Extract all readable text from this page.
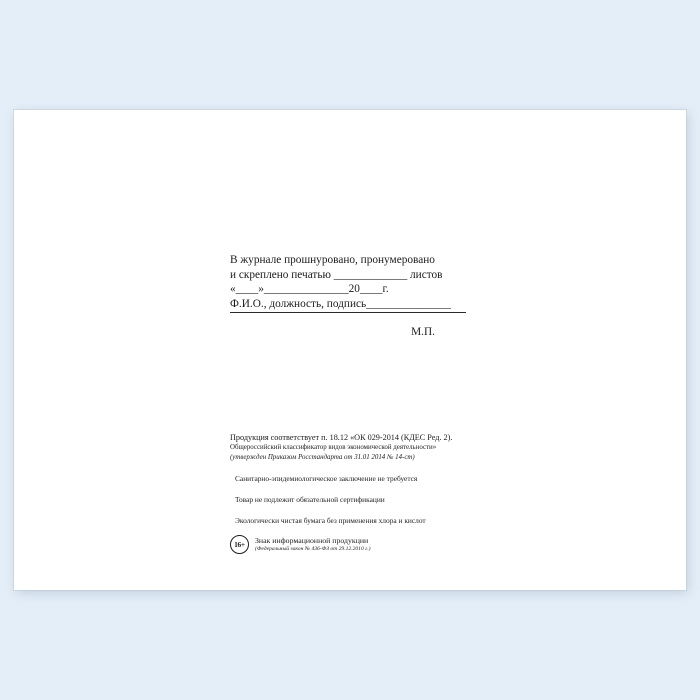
В журнале прошнуровано, пронумеровано
и скреплено печатью _____________ листов
«____»_______________20____г.
Ф.И.О., должность, подпись_______________
М.П.
Продукция соответствует п. 18.12 «ОК 029-2014 (КДЕС Ред. 2).
Общероссийский классификатор видов экономической деятельности»
(утвержден Приказом Росстандарта от 31.01 2014 № 14-ст)
Санитарно-эпидемиологическое заключение не требуется
Товар не подлежит обязательной сертификации
Экологически чистая бумага без применения хлора и кислот
16+	Знак информационной продукции
(Федеральный закон № 436-ФЗ от 29.12.2010 г.)
